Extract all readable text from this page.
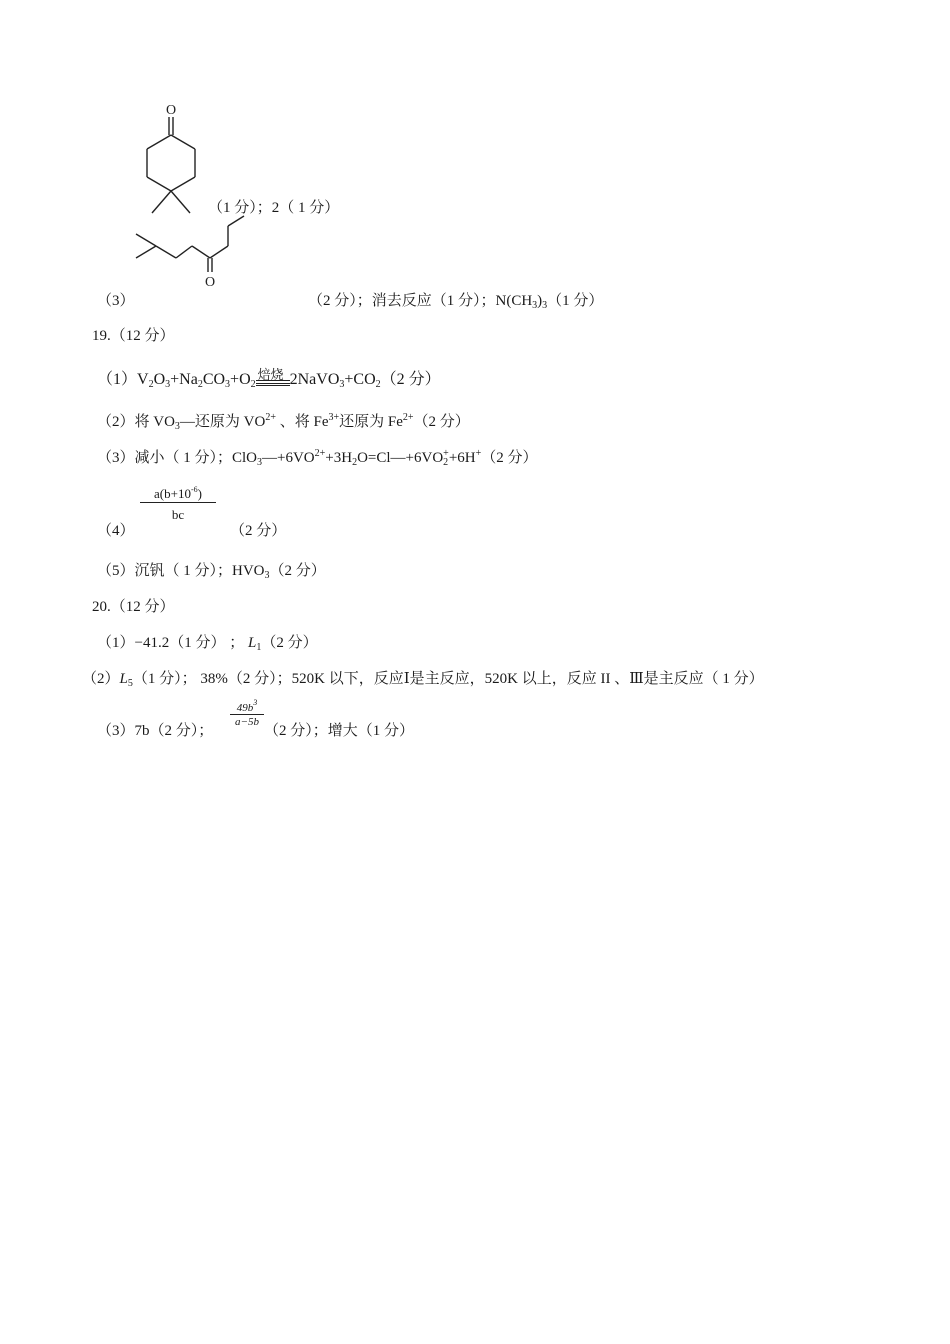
O
（1 分）；2（ 1 分）
O
（3）	（2 分）；消去反应（1 分）；$N(CH_3)_3(1$ 分）
19.（12 分）
$(1)V_2O_3+Na_2CO_3+O_2$
焙烧 $2NaVO_3+CO_2(2$ 分）
（2）将 $VO_3—$还原为 $VO^{2+}$ 、将 $Fe^{3+}$还原为 $Fe^{2+}(2$ 分）
（3）减小（ 1 分）；$ClO_3—+6VO^{2+}+3H_2O=Cl—+6VO_2^++6H^+(2$ 分）
（4）
$a(b+10^{-6})$
bc
（2 分）
（5）沉钒（ 1 分）；$HVO_3(2$ 分）
20.（12 分）
（1）−41.2（1 分） ； $L_1(2$ 分）
$(2)L_5(1$ 分）； 38%（2 分）；520K 以下，反应Ⅰ是主反应，520K 以上，反应 II 、Ⅲ是主反应（ 1 分）
（3）7b（2 分）；
$49b^3$
a−5b
（2 分）；增大（1 分）
